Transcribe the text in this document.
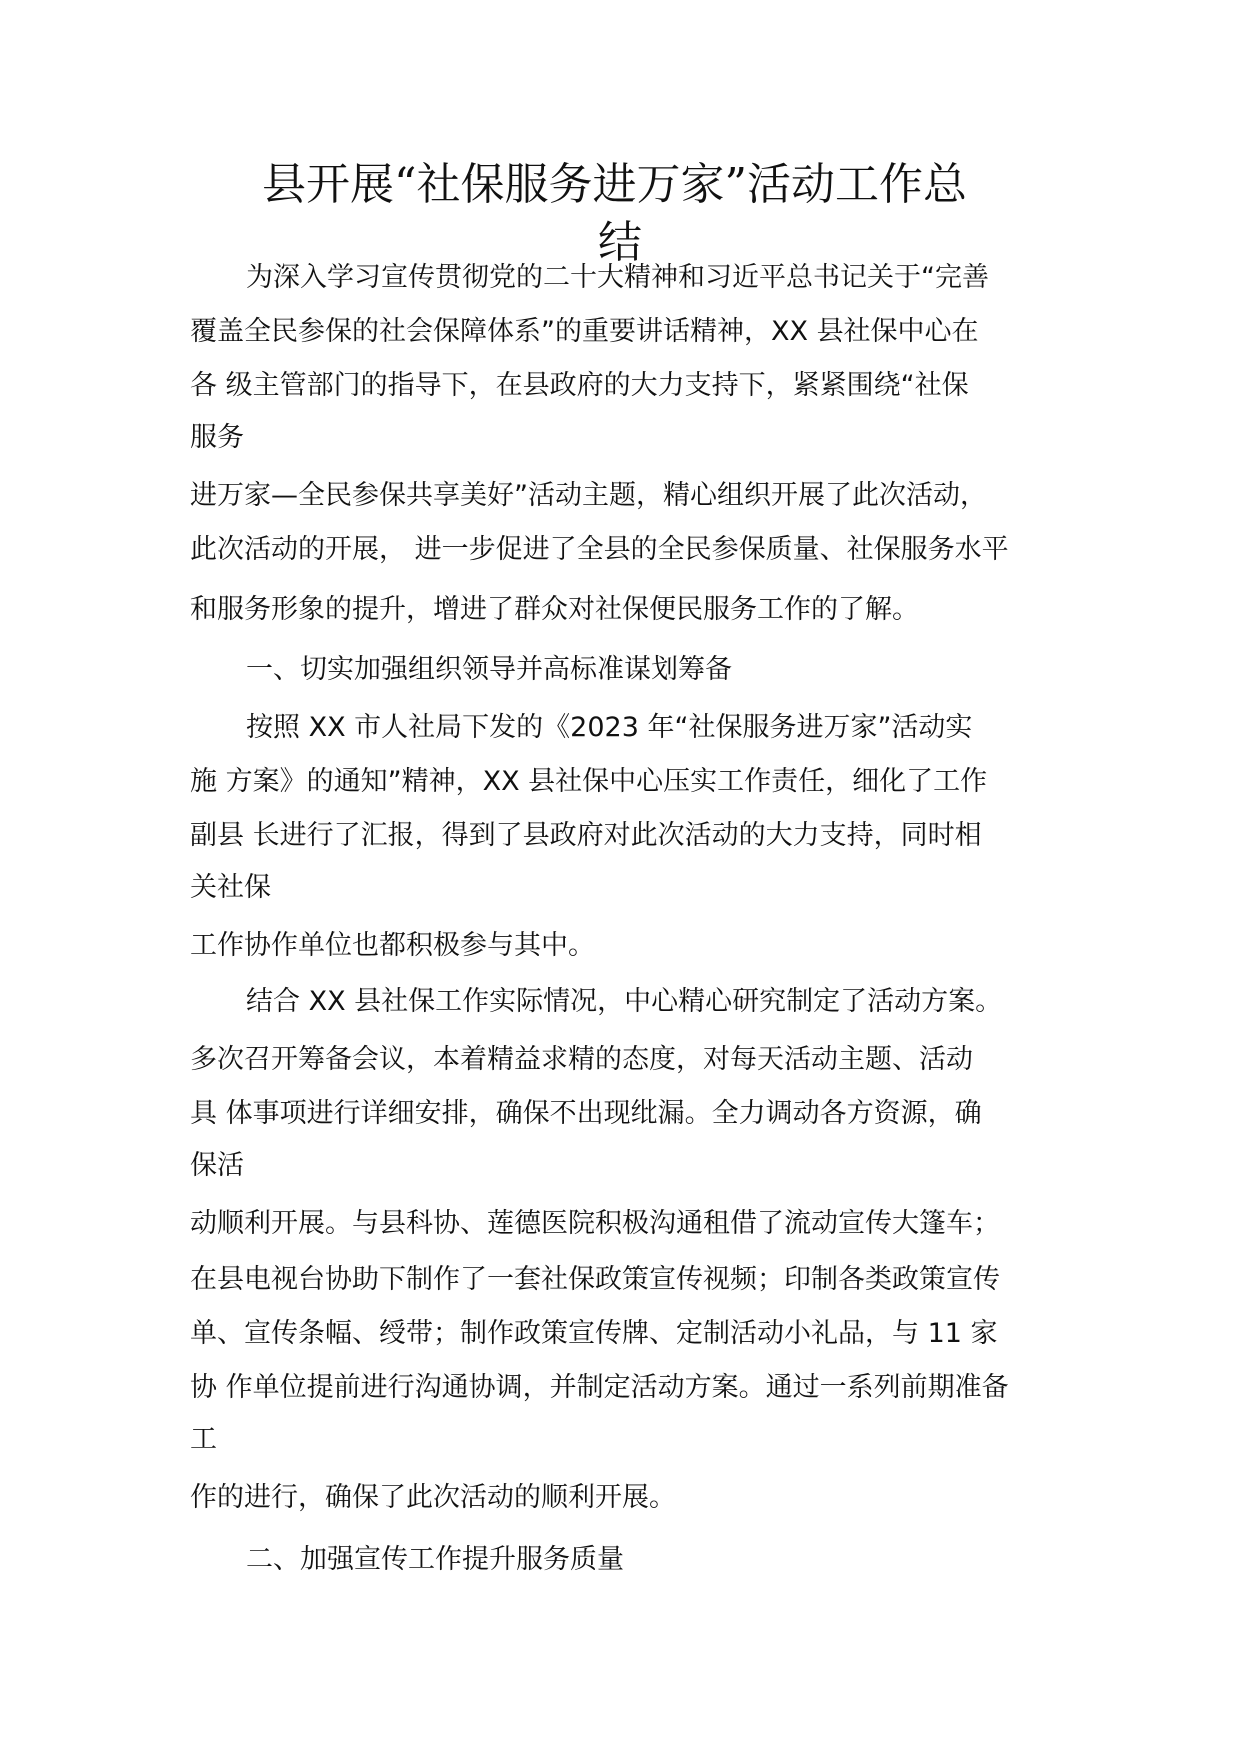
县开展“社保服务进万家”活动工作总
结
为深入学习宣传贯彻党的二十大精神和习近平总书记关于“完善
覆盖全民参保的社会保障体系”的重要讲话精神，XX 县社保中心在
各 级主管部门的指导下，在县政府的大力支持下，紧紧围绕“社保
服务
进万家—全民参保共享美好”活动主题，精心组织开展了此次活动，
此次活动的开展， 进一步促进了全县的全民参保质量、社保服务水平
和服务形象的提升，增进了群众对社保便民服务工作的了解。
一、切实加强组织领导并高标准谋划筹备
按照 XX 市人社局下发的《2023 年“社保服务进万家”活动实
施 方案》的通知”精神，XX 县社保中心压实工作责任，细化了工作
副县 长进行了汇报，得到了县政府对此次活动的大力支持，同时相
关社保
工作协作单位也都积极参与其中。
结合 XX 县社保工作实际情况，中心精心研究制定了活动方案。
多次召开筹备会议，本着精益求精的态度，对每天活动主题、活动
具 体事项进行详细安排，确保不出现纰漏。全力调动各方资源，确
保活
动顺利开展。与县科协、莲德医院积极沟通租借了流动宣传大篷车；
在县电视台协助下制作了一套社保政策宣传视频；印制各类政策宣传
单、宣传条幅、绶带；制作政策宣传牌、定制活动小礼品，与 11 家
协 作单位提前进行沟通协调，并制定活动方案。通过一系列前期准备
工
作的进行，确保了此次活动的顺利开展。
二、加强宣传工作提升服务质量
